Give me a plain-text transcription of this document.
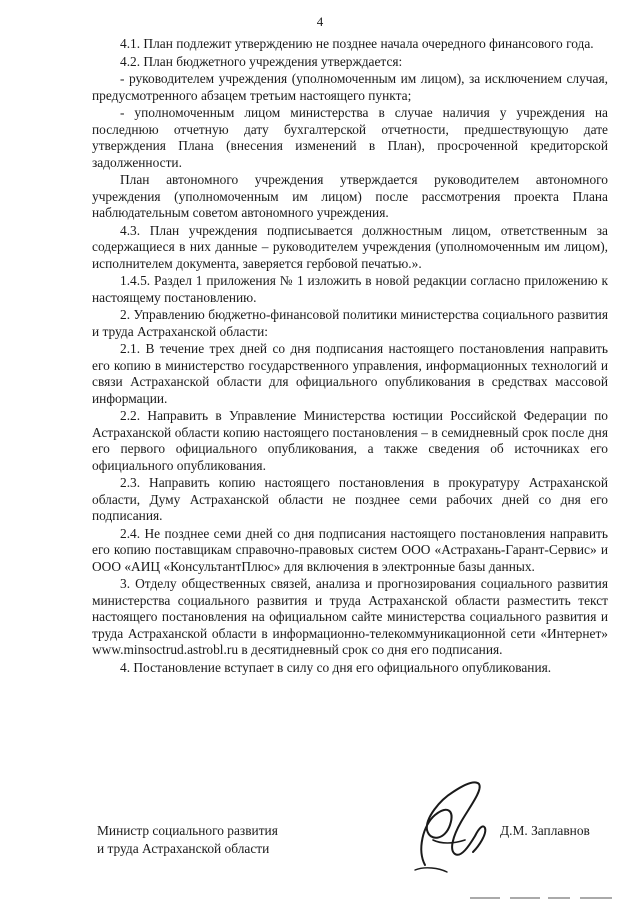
4

4.1. План подлежит утверждению не позднее начала очередного финансового года.

4.2. План бюджетного учреждения утверждается:

- руководителем учреждения (уполномоченным им лицом), за исключением случая, предусмотренного абзацем третьим настоящего пункта;

- уполномоченным лицом министерства в случае наличия у учреждения на последнюю отчетную дату бухгалтерской отчетности, предшествующую дате утверждения Плана (внесения изменений в План), просроченной кредиторской задолженности.

План автономного учреждения утверждается руководителем автономного учреждения (уполномоченным им лицом) после рассмотрения проекта Плана наблюдательным советом автономного учреждения.

4.3. План учреждения подписывается должностным лицом, ответственным за содержащиеся в них данные – руководителем учреждения (уполномоченным им лицом), исполнителем документа, заверяется гербовой печатью.».

1.4.5. Раздел 1 приложения № 1 изложить в новой редакции согласно приложению к настоящему постановлению.

2. Управлению бюджетно-финансовой политики министерства социального развития и труда Астраханской области:

2.1. В течение трех дней со дня подписания настоящего постановления направить его копию в министерство государственного управления, информационных технологий и связи Астраханской области для официального опубликования в средствах массовой информации.

2.2. Направить в Управление Министерства юстиции Российской Федерации по Астраханской области копию настоящего постановления – в семидневный срок после дня его первого официального опубликования, а также сведения об источниках его официального опубликования.

2.3. Направить копию настоящего постановления в прокуратуру Астраханской области, Думу Астраханской области не позднее семи рабочих дней со дня его подписания.

2.4. Не позднее семи дней со дня подписания настоящего постановления направить его копию поставщикам справочно-правовых систем ООО «Астрахань-Гарант-Сервис» и ООО «АИЦ «КонсультантПлюс» для включения в электронные базы данных.

3. Отделу общественных связей, анализа и прогнозирования социального развития министерства социального развития и труда Астраханской области разместить текст настоящего постановления на официальном сайте министерства социального развития и труда Астраханской области в информационно-телекоммуникационной сети «Интернет» www.minsoctrud.astrobl.ru в десятидневный срок со дня его подписания.

4. Постановление вступает в силу со дня его официального опубликования.

Министр социального развития
и труда Астраханской области
Д.М. Заплавнов
